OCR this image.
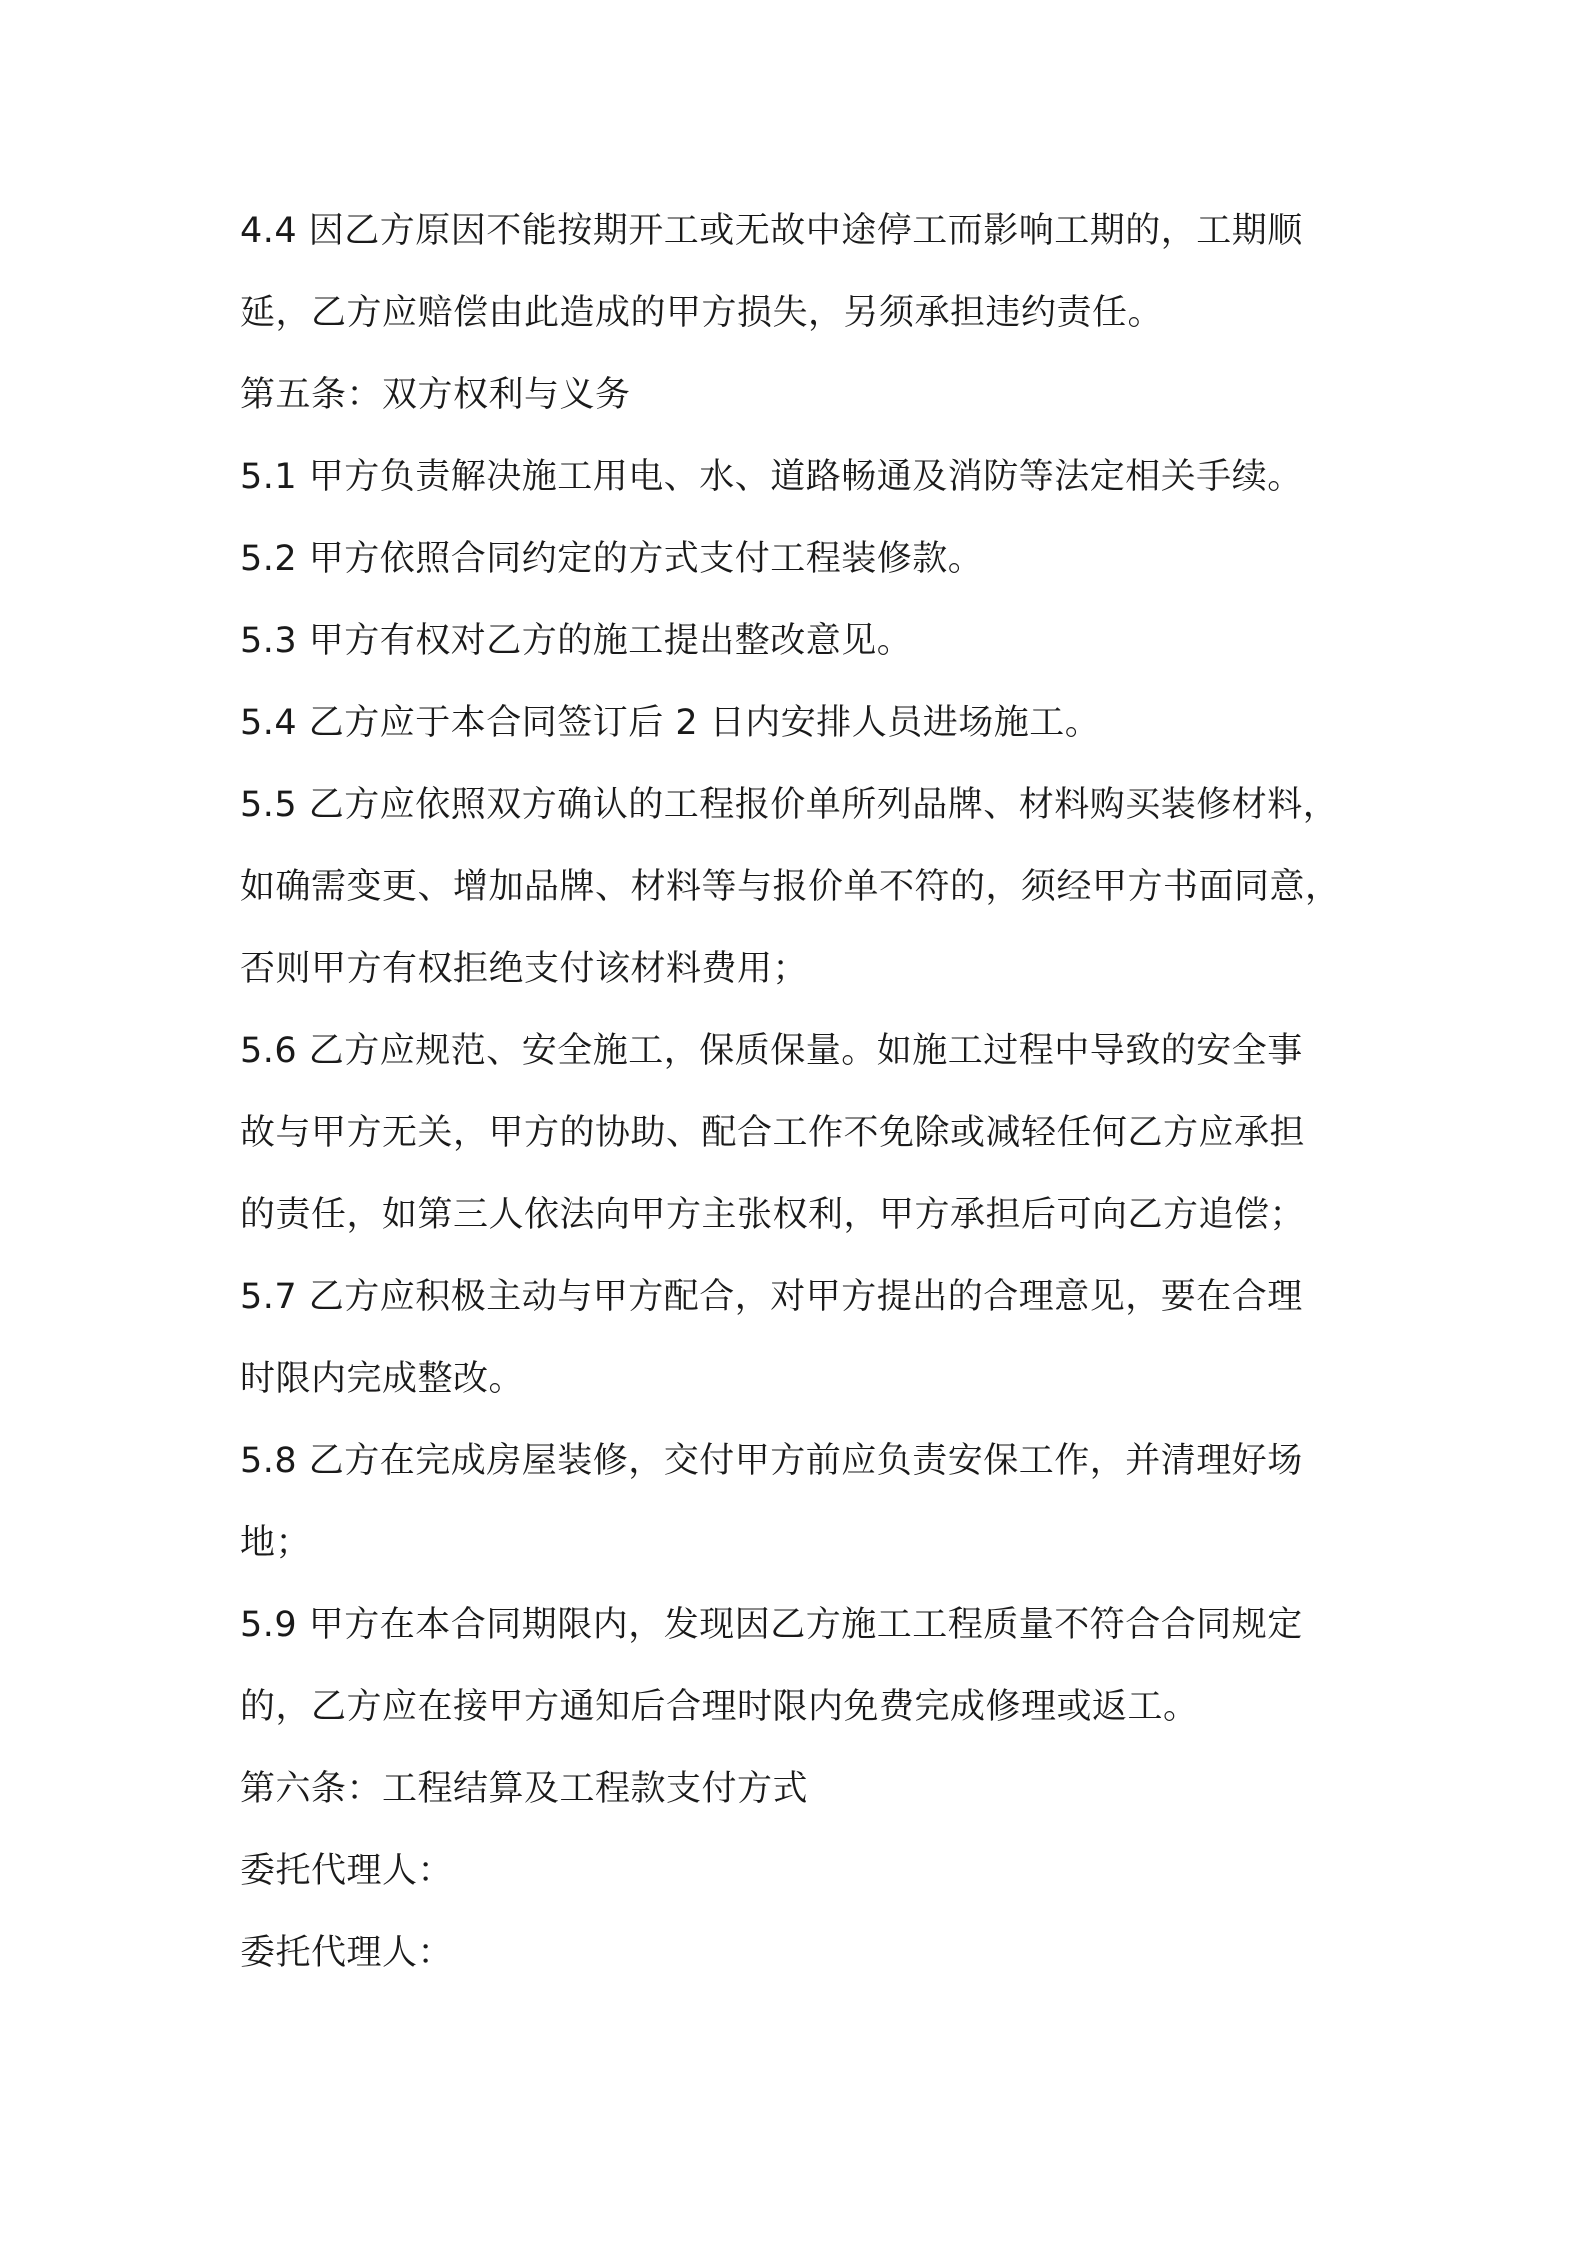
4.4 因乙方原因不能按期开工或无故中途停工而影响工期的，工期顺
延，乙方应赔偿由此造成的甲方损失，另须承担违约责任。
第五条：双方权利与义务
5.1 甲方负责解决施工用电、水、道路畅通及消防等法定相关手续。
5.2 甲方依照合同约定的方式支付工程装修款。
5.3 甲方有权对乙方的施工提出整改意见。
5.4 乙方应于本合同签订后 2 日内安排人员进场施工。
5.5 乙方应依照双方确认的工程报价单所列品牌、材料购买装修材料，
如确需变更、增加品牌、材料等与报价单不符的，须经甲方书面同意，
否则甲方有权拒绝支付该材料费用；
5.6 乙方应规范、安全施工，保质保量。如施工过程中导致的安全事
故与甲方无关，甲方的协助、配合工作不免除或减轻任何乙方应承担
的责任，如第三人依法向甲方主张权利，甲方承担后可向乙方追偿；
5.7 乙方应积极主动与甲方配合，对甲方提出的合理意见，要在合理
时限内完成整改。
5.8 乙方在完成房屋装修，交付甲方前应负责安保工作，并清理好场
地；
5.9 甲方在本合同期限内，发现因乙方施工工程质量不符合合同规定
的，乙方应在接甲方通知后合理时限内免费完成修理或返工。
第六条：工程结算及工程款支付方式
委托代理人：
委托代理人：
